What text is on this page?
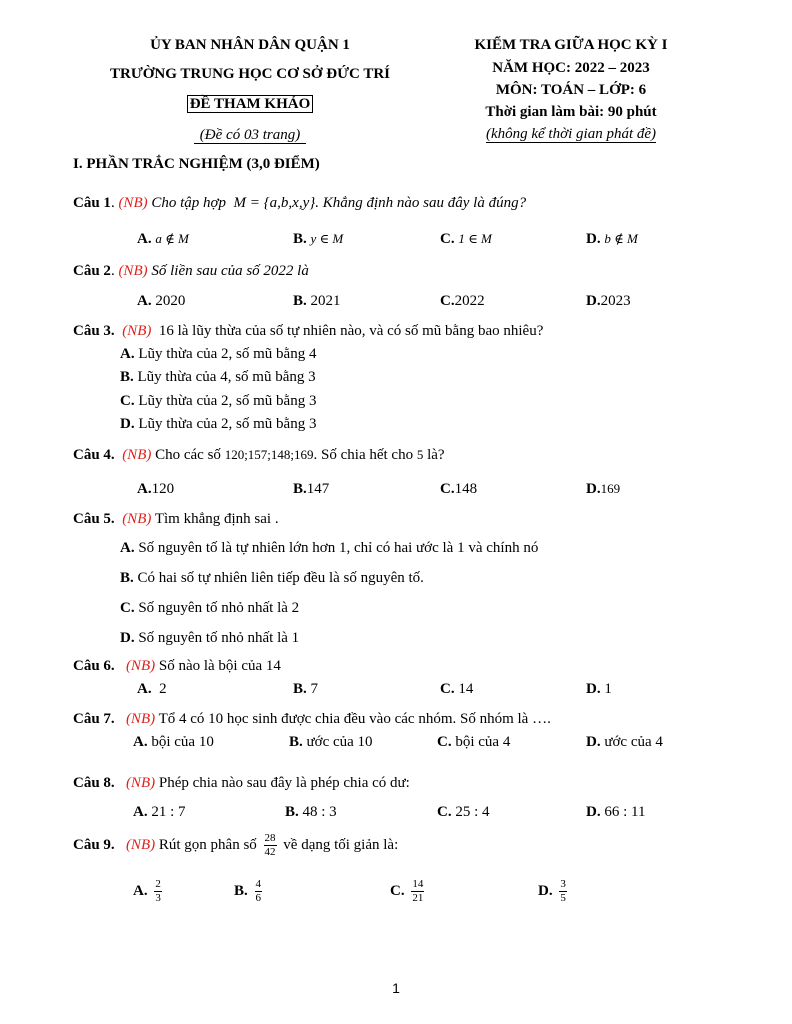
ỦY BAN NHÂN DÂN QUẬN 1
TRƯỜNG TRUNG HỌC CƠ SỞ ĐỨC TRÍ
ĐỀ THAM KHẢO
(Đề có 03 trang)
KIỂM TRA GIỮA HỌC KỲ I
NĂM HỌC: 2022 – 2023
MÔN: TOÁN – LỚP: 6
Thời gian làm bài: 90 phút
(không kể thời gian phát đề)
I. PHẦN TRẮC NGHIỆM (3,0 ĐIỂM)
Câu 1. (NB) Cho tập hợp M = {a,b,x,y}. Khẳng định nào sau đây là đúng?
A. a ∉ M	B. y ∈ M	C. 1 ∈ M	D. b ∉ M
Câu 2. (NB) Số liền sau của số 2022 là
A. 2020	B. 2021	C.2022	D.2023
Câu 3. (NB) 16 là lũy thừa của số tự nhiên nào, và có số mũ bằng bao nhiêu?
A. Lũy thừa của 2, số mũ bằng 4
B. Lũy thừa của 4, số mũ bằng 3
C. Lũy thừa của 2, số mũ bằng 3
D. Lũy thừa của 2, số mũ bằng 3
Câu 4. (NB) Cho các số 120;157;148;169. Số chia hết cho 5 là?
A.120	B.147	C.148	D.169
Câu 5. (NB) Tìm khẳng định sai .
A. Số nguyên tố là tự nhiên lớn hơn 1, chỉ có hai ước là 1 và chính nó
B. Có hai số tự nhiên liên tiếp đều là số nguyên tố.
C. Số nguyên tố nhỏ nhất là 2
D. Số nguyên tố nhỏ nhất là 1
Câu 6. (NB) Số nào là bội của 14
A. 2	B. 7	C. 14	D. 1
Câu 7. (NB) Tổ 4 có 10 học sinh được chia đều vào các nhóm. Số nhóm là ….
A. bội của 10	B. ước của 10	C. bội của 4	D. ước của 4
Câu 8. (NB) Phép chia nào sau đây là phép chia có dư:
A. 21 : 7	B. 48 : 3	C. 25 : 4	D. 66 : 11
Câu 9. (NB) Rút gọn phân số $\frac{28}{42}$ về dạng tối giản là:
A. $\frac{2}{3}$	B. $\frac{4}{6}$	C. $\frac{14}{21}$	D. $\frac{3}{5}$
1
